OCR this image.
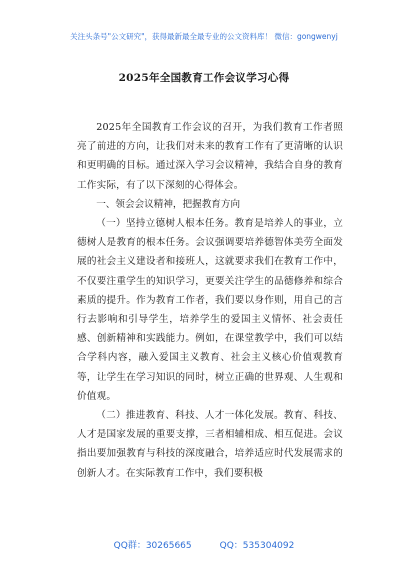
关注头条号"公文研究"，获得最新最全最专业的公文资料库！ 微信：gongwenyj
2025年全国教育工作会议学习心得

2025年全国教育工作会议的召开，为我们教育工作者照亮了前进的方向，让我们对未来的教育工作有了更清晰的认识和更明确的目标。通过深入学习会议精神，我结合自身的教育工作实际，有了以下深刻的心得体会。

一、领会会议精神，把握教育方向

（一）坚持立德树人根本任务。教育是培养人的事业，立德树人是教育的根本任务。会议强调要培养德智体美劳全面发展的社会主义建设者和接班人，这就要求我们在教育工作中，不仅要注重学生的知识学习，更要关注学生的品德修养和综合素质的提升。作为教育工作者，我们要以身作则，用自己的言行去影响和引导学生，培养学生的爱国主义情怀、社会责任感、创新精神和实践能力。例如，在课堂教学中，我们可以结合学科内容，融入爱国主义教育、社会主义核心价值观教育等，让学生在学习知识的同时，树立正确的世界观、人生观和价值观。

（二）推进教育、科技、人才一体化发展。教育、科技、人才是国家发展的重要支撑，三者相辅相成、相互促进。会议指出要加强教育与科技的深度融合，培养适应时代发展需求的创新人才。在实际教育工作中，我们要积极

QQ群：30265665	QQ：535304092
